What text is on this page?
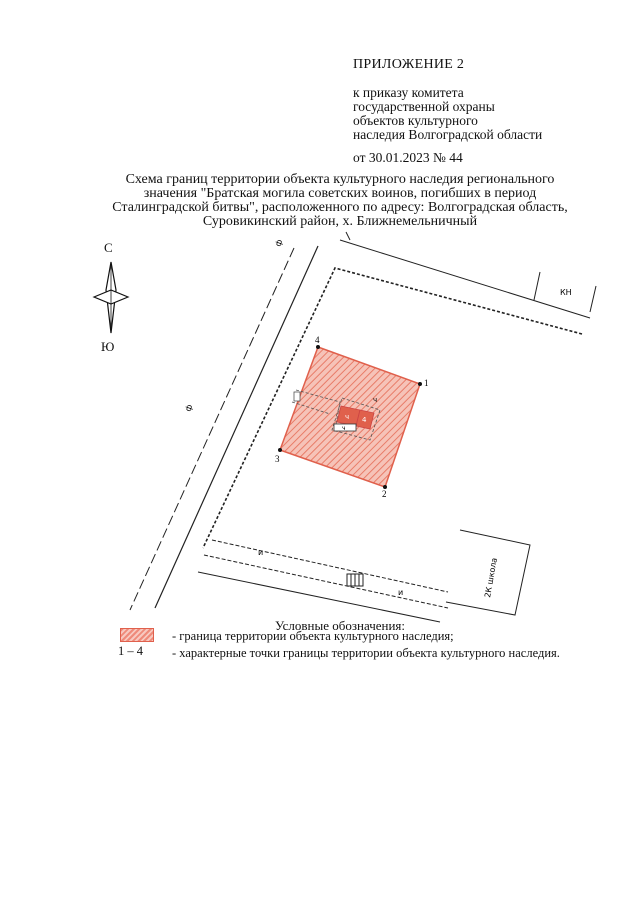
ПРИЛОЖЕНИЕ 2
к приказу комитета
государственной охраны
объектов культурного
наследия Волгоградской области
от 30.01.2023 № 44
Схема границ территории объекта культурного наследия регионального
значения "Братская могила советских воинов, погибших в период
Сталинградской битвы", расположенного по адресу: Волгоградская область,
Суровикинский район, х. Ближнемельничный
С
Ю
ф
ф
КН
и
и	2К школа
ч 4
ч
ч
1
2
3
4
Условные обозначения:
- граница территории объекта культурного наследия;
1 – 4 - характерные точки границы территории объекта культурного наследия.
